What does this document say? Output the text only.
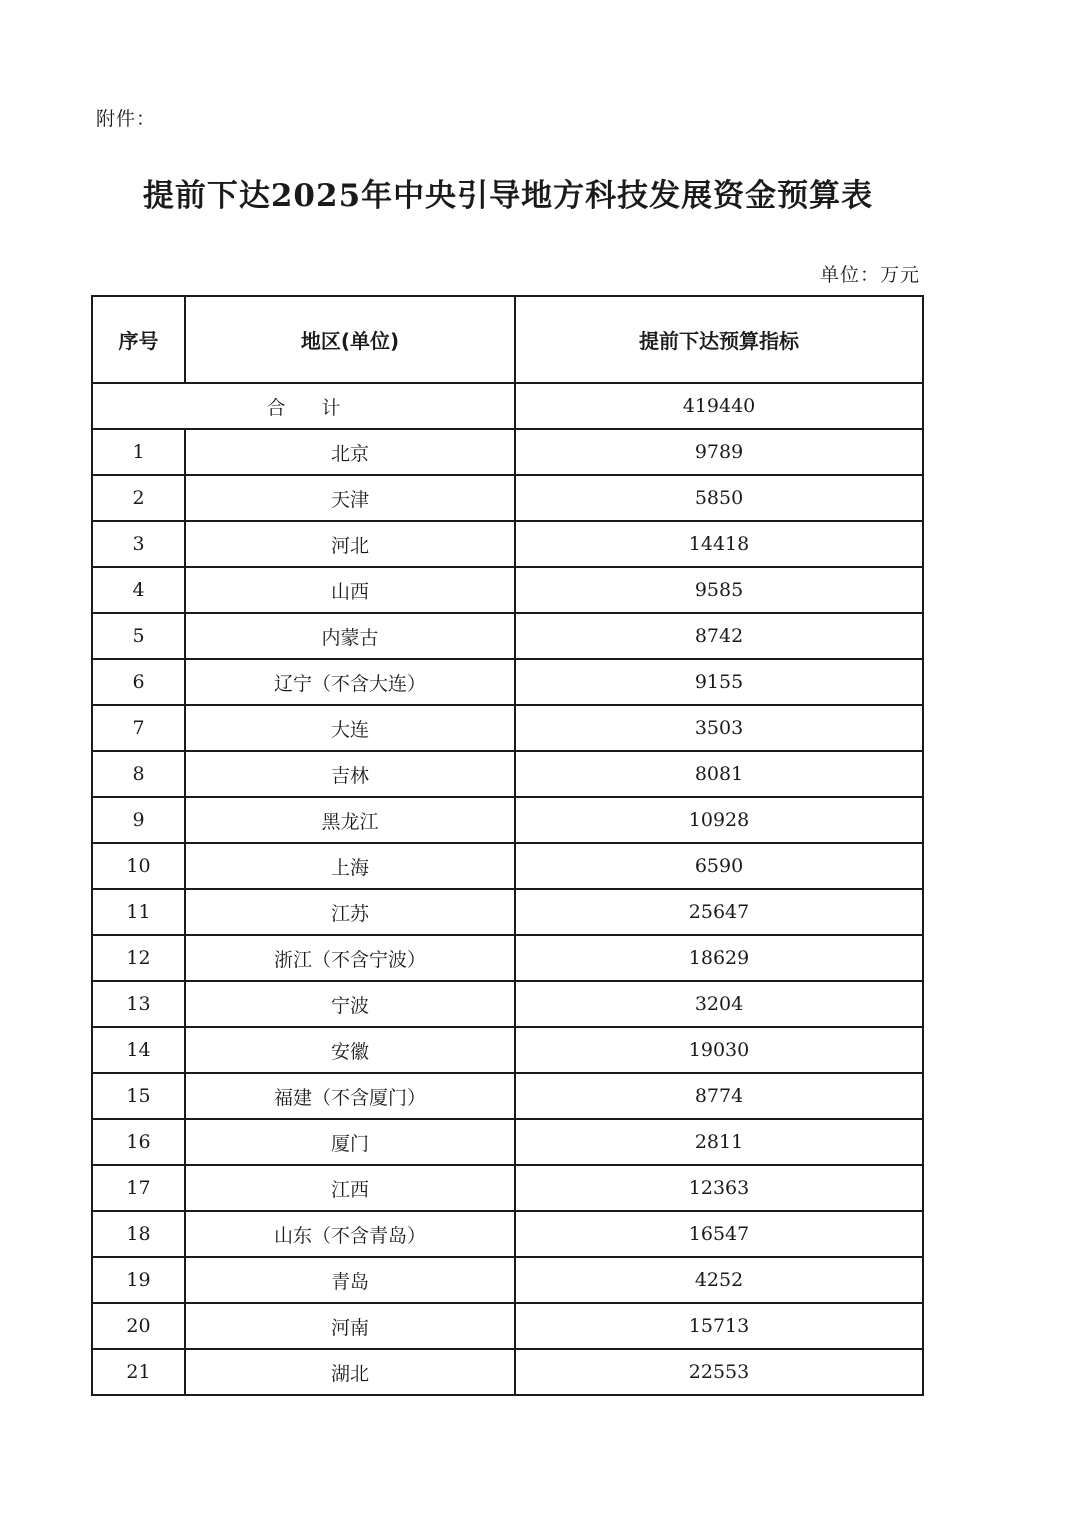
附件：
提前下达2025年中央引导地方科技发展资金预算表
单位：万元
序号	地区(单位)	提前下达预算指标
合计		419440
1	北京	9789
2	天津	5850
3	河北	14418
4	山西	9585
5	内蒙古	8742
6	辽宁（不含大连）	9155
7	大连	3503
8	吉林	8081
9	黑龙江	10928
10	上海	6590
11	江苏	25647
12	浙江（不含宁波）	18629
13	宁波	3204
14	安徽	19030
15	福建（不含厦门）	8774
16	厦门	2811
17	江西	12363
18	山东（不含青岛）	16547
19	青岛	4252
20	河南	15713
21	湖北	22553
